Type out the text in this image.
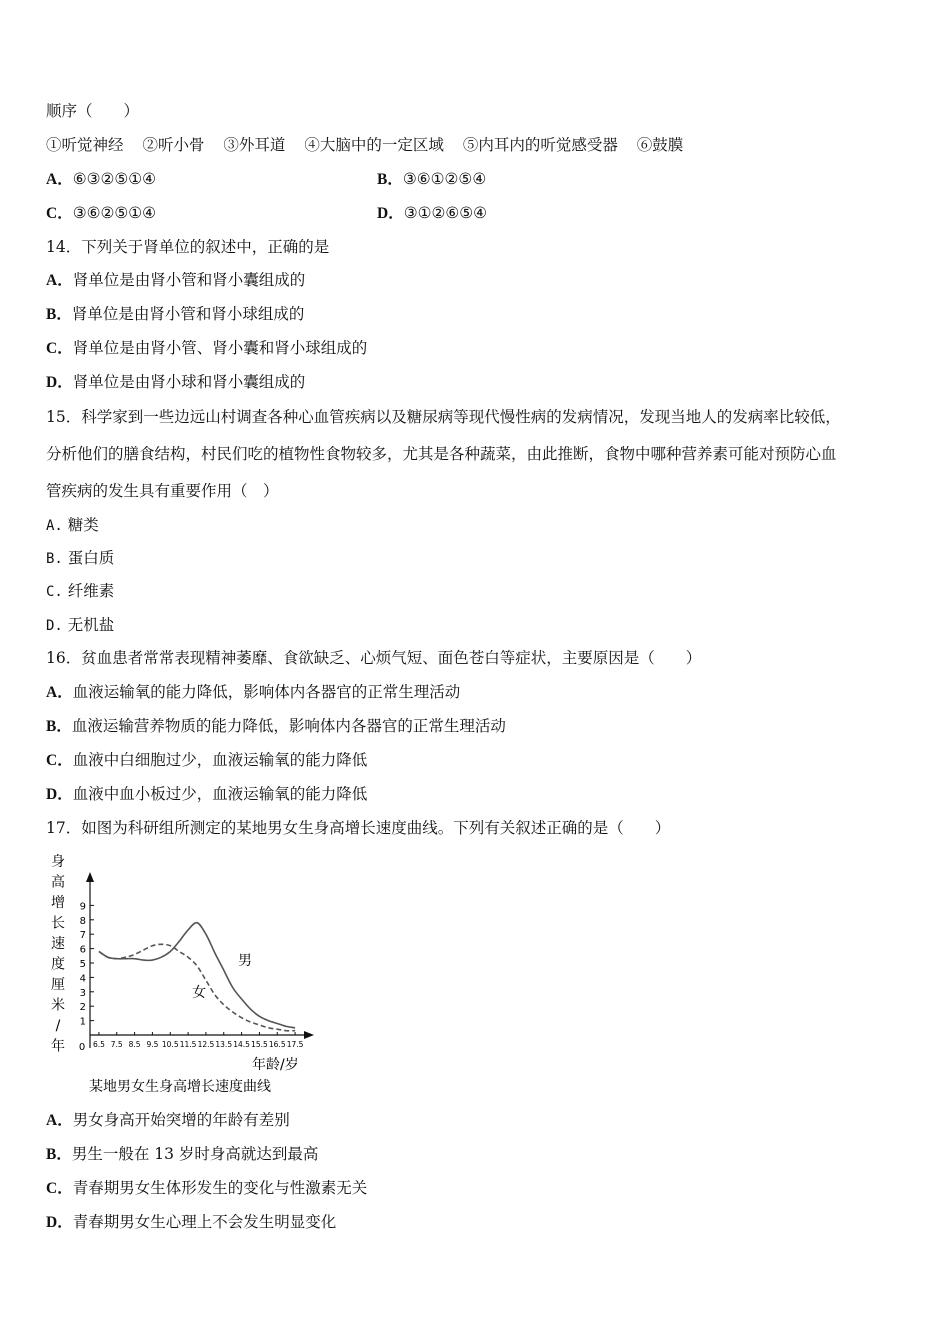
顺序（　　）
①听觉神经 ②听小骨 ③外耳道 ④大脑中的一定区域 ⑤内耳内的听觉感受器 ⑥鼓膜
A．⑥③②⑤①④	B．③⑥①②⑤④
C．③⑥②⑤①④	D．③①②⑥⑤④
14．下列关于肾单位的叙述中，正确的是
A．肾单位是由肾小管和肾小囊组成的
B．肾单位是由肾小管和肾小球组成的
C．肾单位是由肾小管、肾小囊和肾小球组成的
D．肾单位是由肾小球和肾小囊组成的
15．科学家到一些边远山村调查各种心血管疾病以及糖尿病等现代慢性病的发病情况，发现当地人的发病率比较低，
分析他们的膳食结构，村民们吃的植物性食物较多，尤其是各种蔬菜，由此推断，食物中哪种营养素可能对预防心血
管疾病的发生具有重要作用（　）
A. 糖类
B. 蛋白质
C. 纤维素
D. 无机盐
16．贫血患者常常表现精神萎靡、食欲缺乏、心烦气短、面色苍白等症状，主要原因是（　　）
A．血液运输氧的能力降低，影响体内各器官的正常生理活动
B．血液运输营养物质的能力降低，影响体内各器官的正常生理活动
C．血液中白细胞过少，血液运输氧的能力降低
D．血液中血小板过少，血液运输氧的能力降低
17．如图为科研组所测定的某地男女生身高增长速度曲线。下列有关叙述正确的是（　　）
身
高
增
长
速
度
厘
米
/
年 0
1
2
3
4
5
6
7
8
9
6.5 7.5 8.5 9.5 10.5 11.5 12.5 13.5 14.5 15.5 16.5 17.5
男
女
年龄/岁
某地男女生身高增长速度曲线
A．男女身高开始突增的年龄有差别
B．男生一般在 13 岁时身高就达到最高
C．青春期男女生体形发生的变化与性激素无关
D．青春期男女生心理上不会发生明显变化
